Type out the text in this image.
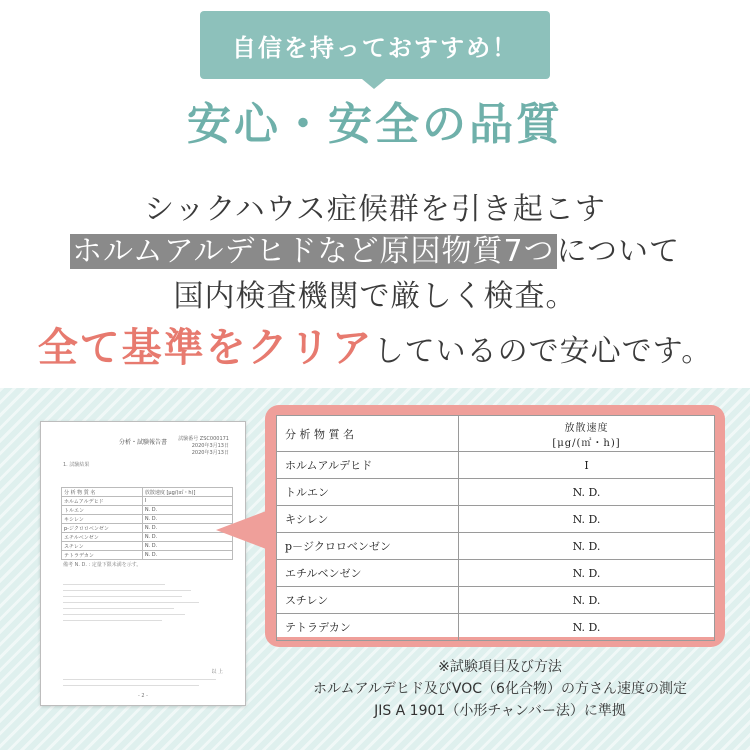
自信を持っておすすめ！
安心・安全の品質
シックハウス症候群を引き起こす
ホルムアルデヒドなど原因物質7つについて
国内検査機関で厳しく検査。
全て基準をクリアしているので安心です。
分析・試験報告書	試験番号 ZSC000171
2020年3月13日
2020年3月13日
1. 試験結果
分 析 物 質 名	放散速度 [μg/(㎡・h)]
ホルムアルデヒド	I
トルエン	N. D.
キシレン	N. D.
p-ジクロロベンゼン	N. D.
エチルベンゼン	N. D.
スチレン	N. D.
テトラデカン	N. D.
備考 N. D. : 定量下限未満を示す。
以 上
- 2 -
分 析 物 質 名	放散速度
[μg/(㎡・h)]

ホルムアルデヒド	I
トルエン	N. D.
キシレン	N. D.
p－ジクロロベンゼン	N. D.
エチルベンゼン	N. D.
スチレン	N. D.
テトラデカン	N. D.
※試験項目及び方法
ホルムアルデヒド及びVOC（6化合物）の方さん速度の測定
JIS A 1901（小形チャンバー法）に準拠
